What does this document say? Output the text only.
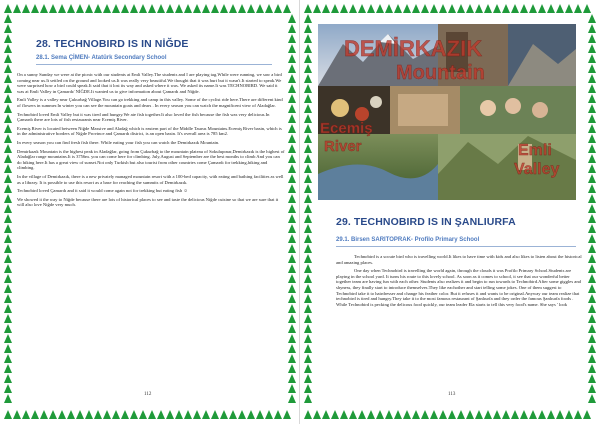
28. TECHNOBIRD IS IN NİĞDE
28.1. Sema ÇİMEN- Atatürk Secondary School

On a sunny Sunday we were at the picnic with our students at Emli Valley.The students and I are playing tag.While were running, we saw a bird coming near us.It settled on the ground and looked us.It was really very beautiful.We thought that it was hurt but it wasn't.It started to speak.We were surprised how a bird could speak.It said that it lost its way and asked where it was. We asked its name.It was TECHNOBIRD. We said it was at Emli Valley in Çamardı/ NİĞDE.It wanted us to give information about Çamardı and Niğde.

Emli Valley is a valley near Çukurbağ Village.You can go trekking and camp in this valley. Some of the cyclist ride here.There are different kind of flowers in summer.In winter you can see the mountain goats and dears . In every season you can watch the magnificent view of Aladağlar.

Technobird loved Emli Valley but it was tired and hungry.We ate fish together.It also loved the fish because the fish was very delicious.In Çamardı there are lots of fish restaurants near Ecemiş River.

Ecemiş River is located between Niğde Massive and Aladağ which is eastern part of the Middle Taurus Mountains.Ecemiş River basin, which is in the administrative borders of Niğde Province and Çamardı district, is an open basin. It's overall area is 785 km2.

In every season you can find fresh fish there. While eating your fish you can watch the Demirkazık Mountain.

Demirkazık Mountain is the highest peak in Aladağlar, going from Çukurbağ to the mountain plateau of Sokulupınar,Demirkazık is the highest of Aladağlar range mountains.It is 3756m. you can come here for climbing. July,August and September are the best months to climb And you can do hiking here.It has a great view of sunset.Not only Turkish but also tourist from other countries come Çamardı for trekking,hiking and climbing.

In the village of Demirkazık, there is a new privately managed mountain resort with a 100-bed capacity, with eating and bathing facilities as well as a library. It is possible to use this resort as a base for reaching the summits of Demirkazık.

Technobird loved Çamardı and it said it would come again not for trekking but eating fish ☺

We showed it the way to Niğde because there are lots of historical places to see and taste the delicious Niğde cuisine so that we are sure that it will also love Niğde very much.

112
DEMİRKAZIK
Mountain
Ecemiş
River	Emli
Valley
29. TECHNOBIRD IS IN ŞANLIURFA
29.1. Birsen SARITOPRAK- Profilo Primary School

Technobird is a socute bird who is travelling world.It likes to have time with kids and also likes to listen about the historical and amazing places.

One day when Technobird is travelling the world again, through the clouds it was Profilo Primary School.Students are playing in the school yard. It turns his route to this lovely school. As soon as it comes to school, it see that our wonderful better together team are having fun with each other. Students also realizes it and begin to run towards to Technobird.After some giggles and shyness, they finally start to introduce themselves.They like eachother and start telling some jokes. One of them suggest to Technobird take it to hairdresser and change his feather color. But it refuses it and wants to be original.Anyway our team realize that technobird is tired and hungry.They take it to the most famous restaurant of Şanlıurfa and they order the famous Şanlıurfa foods . While Technobird is pecking the delicous food quickly, our team leader Ela starts to tell this very food's name. She says ' look

113
